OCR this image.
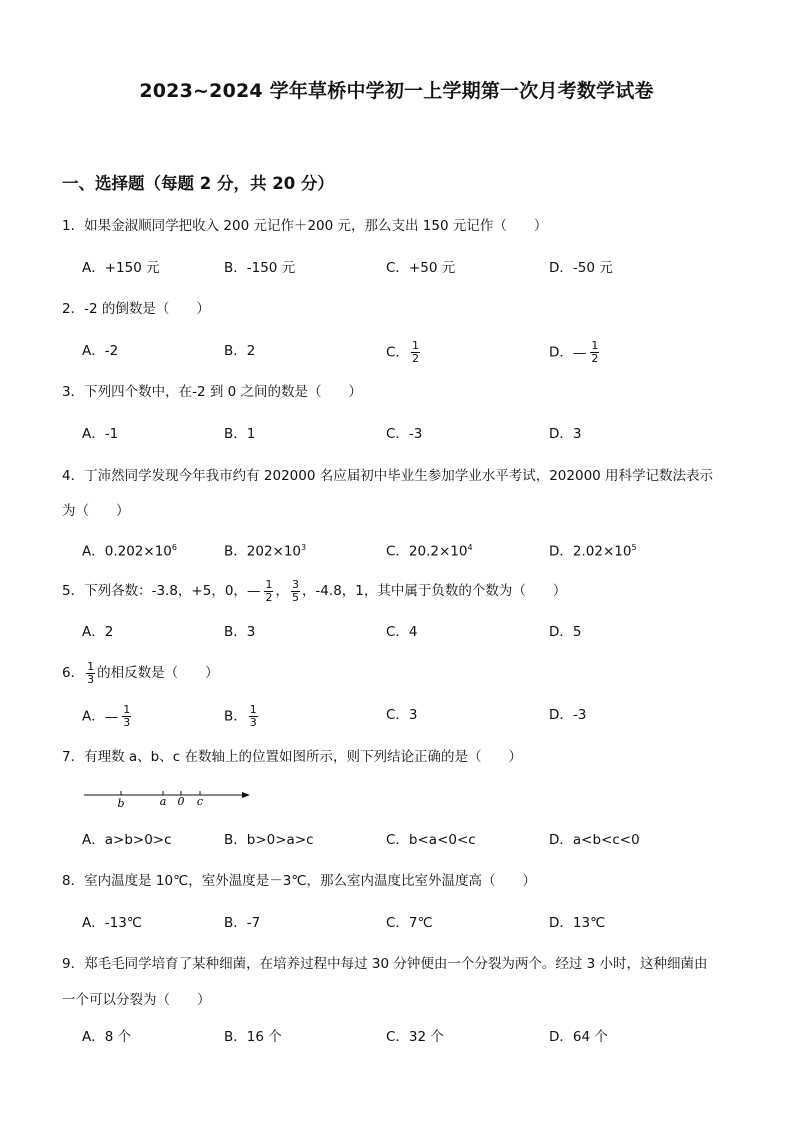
2023~2024 学年草桥中学初一上学期第一次月考数学试卷
一、选择题（每题 2 分，共 20 分）
1．如果金淑顺同学把收入 200 元记作＋200 元，那么支出 150 元记作（　　）
A．+150 元	B．-150 元	C．+50 元	D．-50 元
2．-2 的倒数是（　　）
A．-2	B．2	C． $\frac{1}{2}$	D．— $\frac{1}{2}$
3．下列四个数中，在-2 到 0 之间的数是（　　）
A．-1	B．1	C．-3	D．3
4．丁沛然同学发现今年我市约有 202000 名应届初中毕业生参加学业水平考试，202000 用科学记数法表示
为（　　）
A．$0.202\times 10^6$	B．$202\times 10^3$	C．$20.2\times 10^4$	D．$2.02\times 10^5$
5．下列各数：-3.8，+5，0，— $\frac{1}{2}$ ， $\frac{3}{5}$ ，-4.8，1，其中属于负数的个数为（　　）
A．2	B．3	C．4	D．5
6． $\frac{1}{3}$ 的相反数是（　　）
A．— $\frac{1}{3}$	B． $\frac{1}{3}$	C．3	D．-3
7．有理数 a、b、c 在数轴上的位置如图所示，则下列结论正确的是（　　）
b	a 0 c
A．a>b>0>c	B．b>0>a>c	C．b<a<0<c	D．a<b<c<0
8．室内温度是 10℃，室外温度是－3℃，那么室内温度比室外温度高（　　）
A．-13℃	B．-7	C．7℃	D．13℃
9．郑毛毛同学培育了某种细菌，在培养过程中每过 30 分钟便由一个分裂为两个。经过 3 小时，这种细菌由
一个可以分裂为（　　）
A．8 个	B．16 个	C．32 个	D．64 个
